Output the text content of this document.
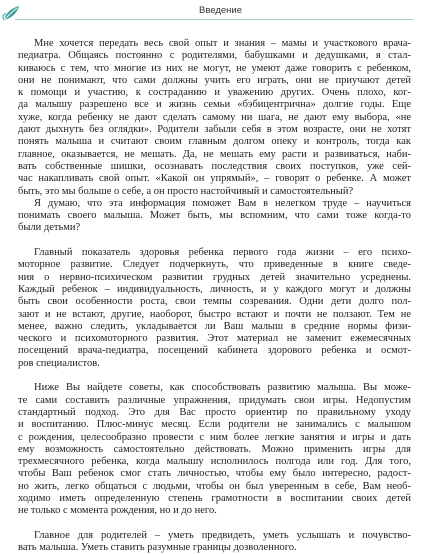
Введение
Мне хочется передать весь свой опыт и знания – мамы и участкового врача-
педиатра. Общаясь постоянно с родителями, бабушками и дедушками, я стал-
киваюсь с тем, что многие из них не могут, не умеют даже говорить с ребенком,
они не понимают, что сами должны учить его играть, они не приучают детей
к помощи и участию, к состраданию и уважению других. Очень плохо, ког-
да малышу разрешено все и жизнь семьи «бэбицентрична» долгие годы. Еще
хуже, когда ребенку не дают сделать самому ни шага, не дают ему выбора, «не
дают дыхнуть без оглядки». Родители забыли себя в этом возрасте, они не хотят
понять малыша и считают своим главным долгом опеку и контроль, тогда как
главное, оказывается, не мешать. Да, не мешать ему расти и развиваться, наби-
вать собственные шишки, осознавать последствия своих поступков, уже сей-
час накапливать свой опыт. «Какой он упрямый», – говорят о ребенке. А может
быть, это мы больше о себе, а он просто настойчивый и самостоятельный?
Я думаю, что эта информация поможет Вам в нелегком труде – научиться
понимать своего малыша. Может быть, мы вспомним, что сами тоже когда-то
были детьми?
Главный показатель здоровья ребенка первого года жизни – его психо-
моторное развитие. Следует подчеркнуть, что приведенные в книге сведе-
ния о нервно-психическом развитии грудных детей значительно усреднены.
Каждый ребенок – индивидуальность, личность, и у каждого могут и должны
быть свои особенности роста, свои темпы созревания. Одни дети долго пол-
зают и не встают, другие, наоборот, быстро встают и почти не ползают. Тем не
менее, важно следить, укладывается ли Ваш малыш в средние нормы физи-
ческого и психомоторного развития. Этот материал не заменит ежемесячных
посещений врача-педиатра, посещений кабинета здорового ребенка и осмот-
ров специалистов.
Ниже Вы найдете советы, как способствовать развитию малыша. Вы може-
те сами составить различные упражнения, придумать свои игры. Недопустим
стандартный подход. Это для Вас просто ориентир по правильному уходу
и воспитанию. Плюс-минус месяц. Если родители не занимались с малышом
с рождения, целесообразно провести с ним более легкие занятия и игры и дать
ему возможность самостоятельно действовать. Можно применить игры для
трехмесячного ребенка, когда малышу исполнилось полгода или год. Для того,
чтобы Ваш ребенок смог стать личностью, чтобы ему было интересно, радост-
но жить, легко общаться с людьми, чтобы он был уверенным в себе, Вам необ-
ходимо иметь определенную степень грамотности в воспитании своих детей
не только с момента рождения, но и до него.
Главное для родителей – уметь предвидеть, уметь услышать и почувство-
вать малыша. Уметь ставить разумные границы дозволенного.
